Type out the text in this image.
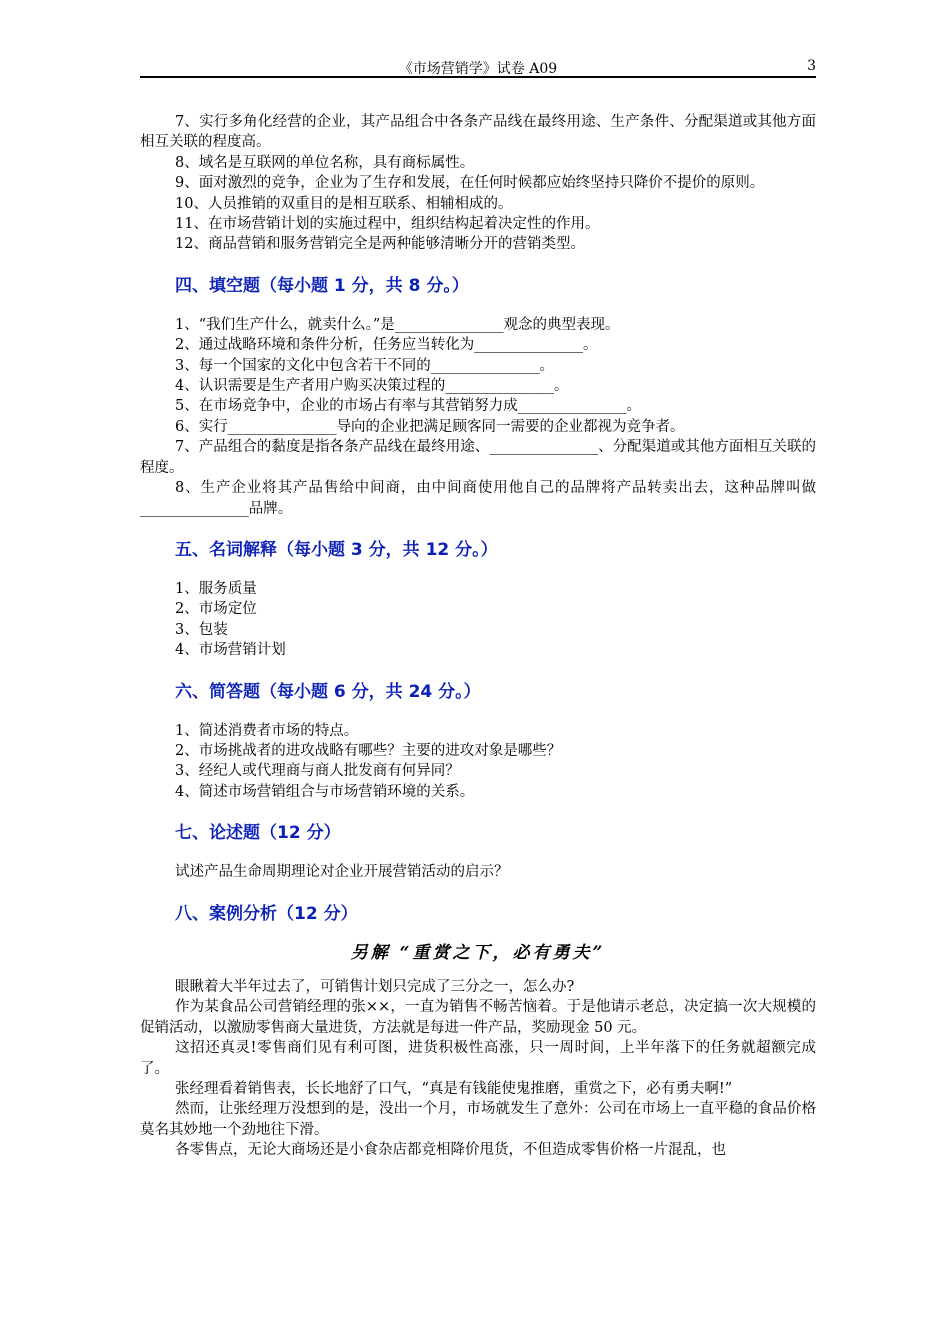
《市场营销学》试卷 A09	3

7、实行多角化经营的企业，其产品组合中各条产品线在最终用途、生产条件、分配渠道或其他方面相互关联的程度高。

8、域名是互联网的单位名称，具有商标属性。

9、面对激烈的竞争，企业为了生存和发展，在任何时候都应始终坚持只降价不提价的原则。

10、人员推销的双重目的是相互联系、相辅相成的。

11、在市场营销计划的实施过程中，组织结构起着决定性的作用。

12、商品营销和服务营销完全是两种能够清晰分开的营销类型。

四、填空题（每小题 1 分，共 8 分。）

1、“我们生产什么，就卖什么。”是_______________观念的典型表现。

2、通过战略环境和条件分析，任务应当转化为_______________。

3、每一个国家的文化中包含若干不同的_______________。

4、认识需要是生产者用户购买决策过程的_______________。

5、在市场竞争中，企业的市场占有率与其营销努力成_______________。

6、实行_______________导向的企业把满足顾客同一需要的企业都视为竞争者。

7、产品组合的黏度是指各条产品线在最终用途、_______________、分配渠道或其他方面相互关联的程度。

8、生产企业将其产品售给中间商，由中间商使用他自己的品牌将产品转卖出去，这种品牌叫做_______________品牌。

五、名词解释（每小题 3 分，共 12 分。）

1、服务质量

2、市场定位

3、包装

4、市场营销计划

六、简答题（每小题 6 分，共 24 分。）

1、简述消费者市场的特点。

2、市场挑战者的进攻战略有哪些？主要的进攻对象是哪些？

3、经纪人或代理商与商人批发商有何异同？

4、简述市场营销组合与市场营销环境的关系。

七、论述题（12 分）

试述产品生命周期理论对企业开展营销活动的启示？

八、案例分析（12 分）
另解 “重赏之下，必有勇夫”

眼瞅着大半年过去了，可销售计划只完成了三分之一，怎么办?

作为某食品公司营销经理的张××，一直为销售不畅苦恼着。于是他请示老总，决定搞一次大规模的促销活动，以激励零售商大量进货，方法就是每进一件产品，奖励现金 50 元。

这招还真灵!零售商们见有利可图，进货积极性高涨，只一周时间，上半年落下的任务就超额完成了。

张经理看着销售表，长长地舒了口气，“真是有钱能使鬼推磨，重赏之下，必有勇夫啊!”

然而，让张经理万没想到的是，没出一个月，市场就发生了意外：公司在市场上一直平稳的食品价格莫名其妙地一个劲地往下滑。

各零售点，无论大商场还是小食杂店都竞相降价甩货，不但造成零售价格一片混乱，也
